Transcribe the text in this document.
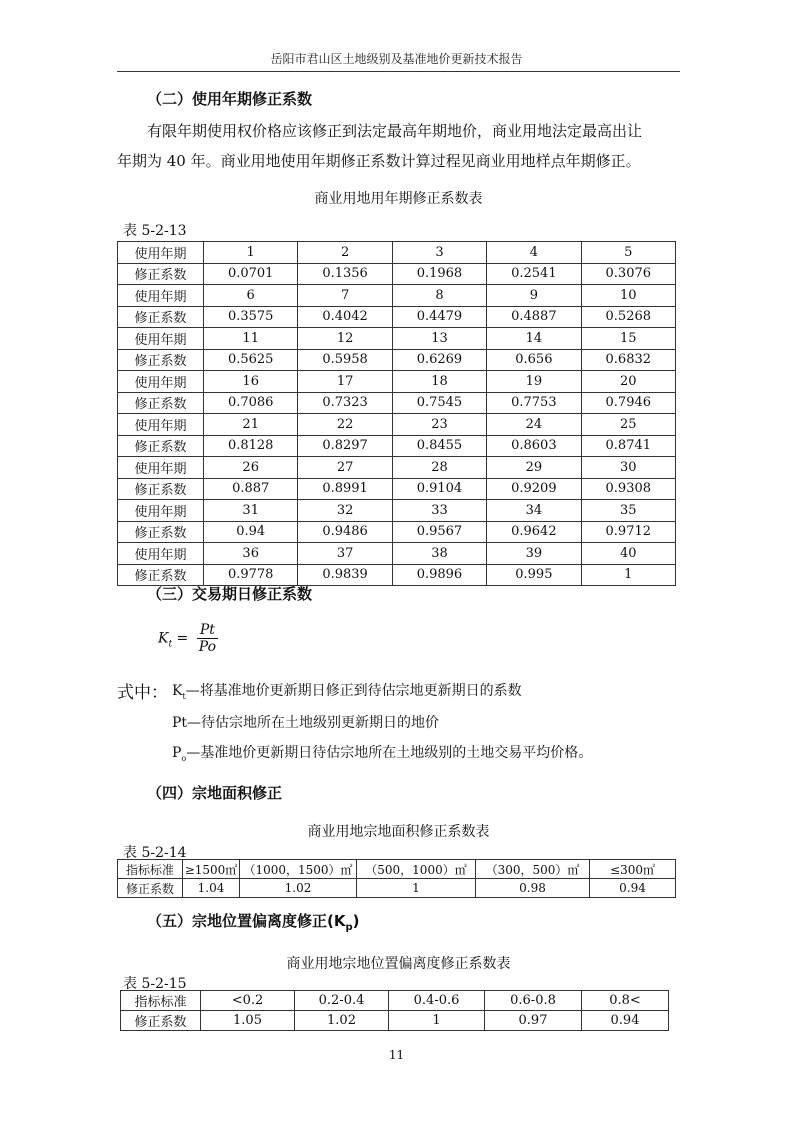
岳阳市君山区土地级别及基准地价更新技术报告
（二）使用年期修正系数
有限年期使用权价格应该修正到法定最高年期地价，商业用地法定最高出让
年期为 40 年。商业用地使用年期修正系数计算过程见商业用地样点年期修正。
商业用地用年期修正系数表
表 5-2-13
使用年期	1	2	3	4	5
修正系数	0.0701	0.1356	0.1968	0.2541	0.3076
使用年期	6	7	8	9	10
修正系数	0.3575	0.4042	0.4479	0.4887	0.5268
使用年期	11	12	13	14	15
修正系数	0.5625	0.5958	0.6269	0.656	0.6832
使用年期	16	17	18	19	20
修正系数	0.7086	0.7323	0.7545	0.7753	0.7946
使用年期	21	22	23	24	25
修正系数	0.8128	0.8297	0.8455	0.8603	0.8741
使用年期	26	27	28	29	30
修正系数	0.887	0.8991	0.9104	0.9209	0.9308
使用年期	31	32	33	34	35
修正系数	0.94	0.9486	0.9567	0.9642	0.9712
使用年期	36	37	38	39	40
修正系数	0.9778	0.9839	0.9896	0.995	1
（三）交易期日修正系数
$K_t = \frac{Pt}{Po}$
式中： $K_t—$将基准地价更新期日修正到待估宗地更新期日的系数
Pt—待估宗地所在土地级别更新期日的地价
$P_o—$基准地价更新期日待估宗地所在土地级别的土地交易平均价格。
（四）宗地面积修正
商业用地宗地面积修正系数表
表 5-2-14
指标标准	≥1500㎡	（1000，1500）㎡	（500，1000）㎡	（300，500）㎡	≤300㎡
修正系数	1.04	1.02	1	0.98	0.94
（五）宗地位置偏离度修正$(K_p)$
商业用地宗地位置偏离度修正系数表
表 5-2-15
指标标准	<0.2	0.2-0.4	0.4-0.6	0.6-0.8	0.8<
修正系数	1.05	1.02	1	0.97	0.94
11
